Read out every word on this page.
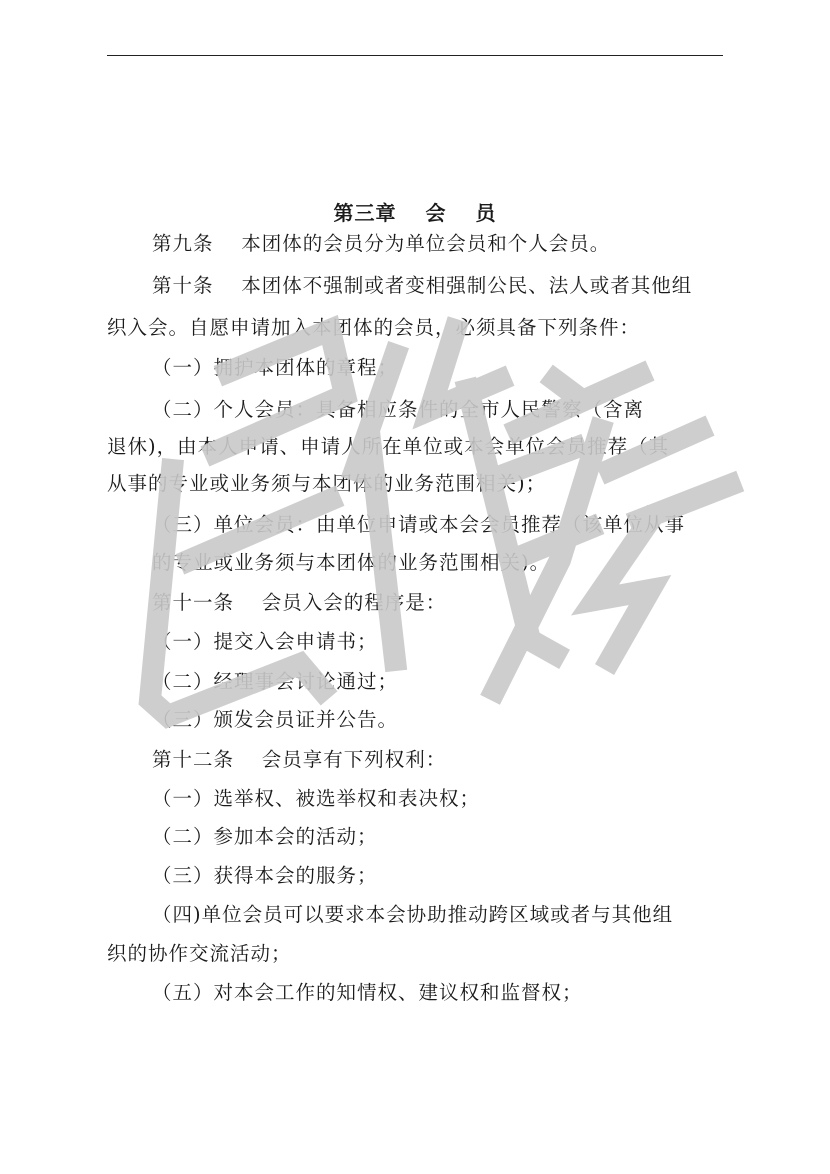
第三章　 会　 员
第九条　 本团体的会员分为单位会员和个人会员。
第十条　 本团体不强制或者变相强制公民、法人或者其他组
织入会。自愿申请加入本团体的会员，必须具备下列条件：
（一）拥护本团体的章程；
（二）个人会员：具备相应条件的全市人民警察（含离
退休)，由本人申请、申请人所在单位或本会单位会员推荐（其
从事的专业或业务须与本团体的业务范围相关)；
（三）单位会员：由单位申请或本会会员推荐（该单位从事
的专业或业务须与本团体的业务范围相关)。
第十一条　 会员入会的程序是：
（一）提交入会申请书；
（二）经理事会讨论通过；
（三）颁发会员证并公告。
第十二条　 会员享有下列权利：
（一）选举权、被选举权和表决权；
（二）参加本会的活动；
（三）获得本会的服务；
（四)单位会员可以要求本会协助推动跨区域或者与其他组
织的协作交流活动；
（五）对本会工作的知情权、建议权和监督权；
